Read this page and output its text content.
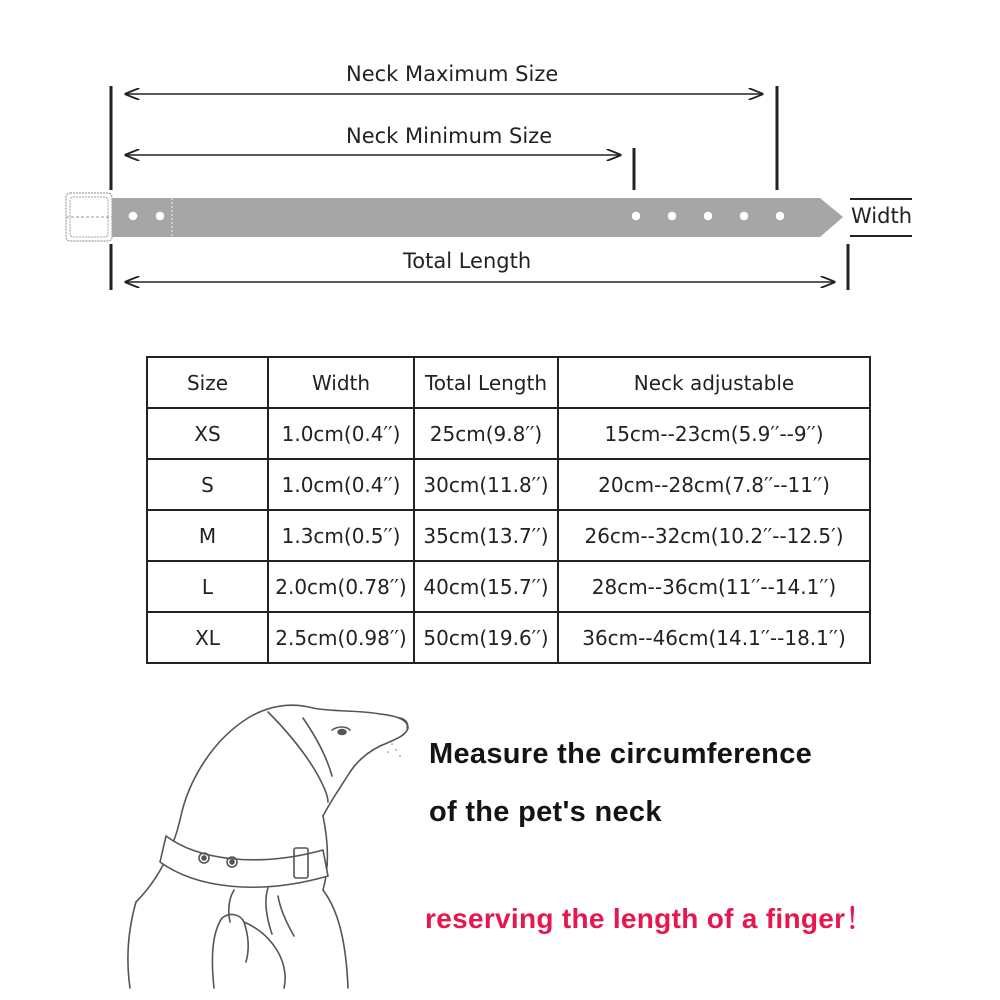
Neck Maximum Size
Neck Minimum Size
Total Length
Width
Size	Width	Total Length	Neck adjustable
XS	1.0cm(0.4′′)	25cm(9.8′′)	15cm--23cm(5.9′′--9′′)
S	1.0cm(0.4′′)	30cm(11.8′′)	20cm--28cm(7.8′′--11′′)
M	1.3cm(0.5′′)	35cm(13.7′′)	26cm--32cm(10.2′′--12.5′)
L	2.0cm(0.78′′)	40cm(15.7′′)	28cm--36cm(11′′--14.1′′)
XL	2.5cm(0.98′′)	50cm(19.6′′)	36cm--46cm(14.1′′--18.1′′)
Measure the circumference
of the pet's neck
reserving the length of a finger！
